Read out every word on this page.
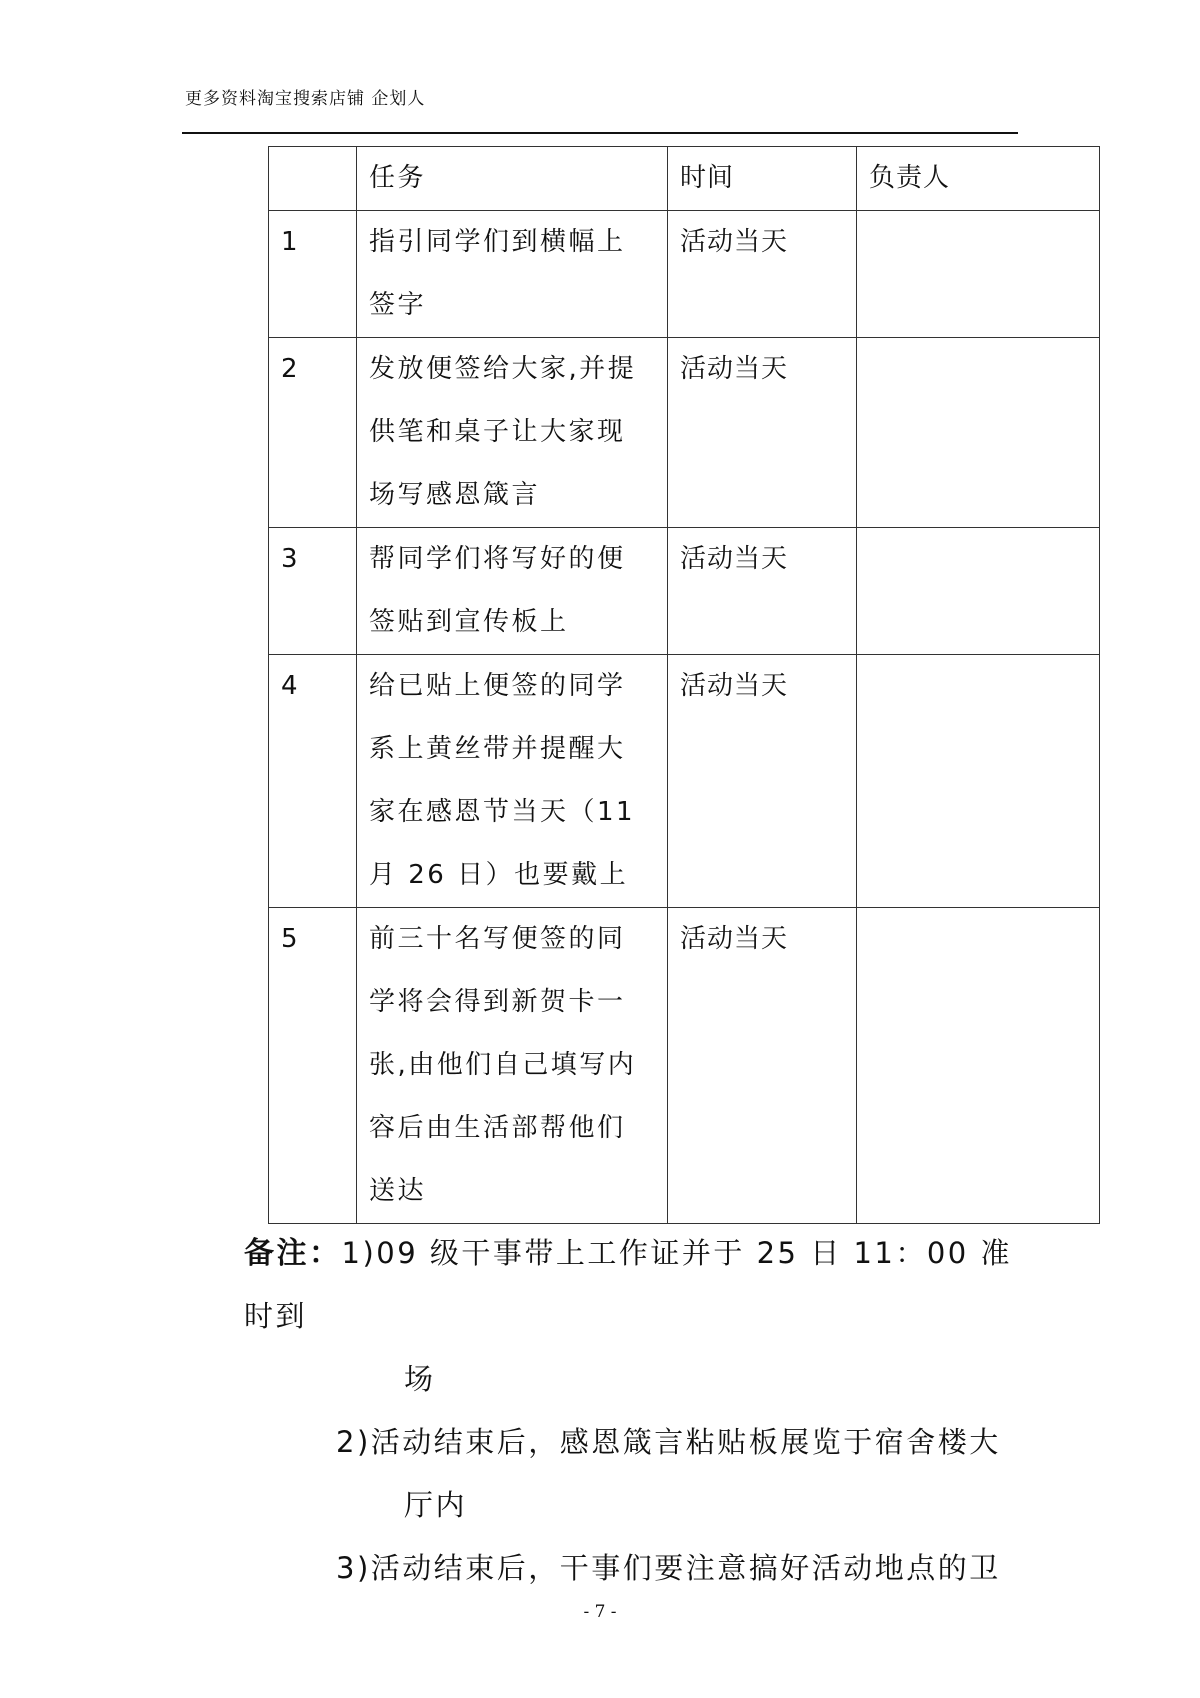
更多资料淘宝搜索店铺 企划人
	任务	时间	负责人
1	指引同学们到横幅上
签字	活动当天	
2	发放便签给大家,并提
供笔和桌子让大家现
场写感恩箴言	活动当天	
3	帮同学们将写好的便
签贴到宣传板上	活动当天	
4	给已贴上便签的同学
系上黄丝带并提醒大
家在感恩节当天（11
月 26 日）也要戴上	活动当天	
5	前三十名写便签的同
学将会得到新贺卡一
张,由他们自己填写内
容后由生活部帮他们
送达	活动当天	
备注：1)09 级干事带上工作证并于 25 日 11：00 准时到
场
2)活动结束后，感恩箴言粘贴板展览于宿舍楼大
厅内
3)活动结束后，干事们要注意搞好活动地点的卫
- 7 -
